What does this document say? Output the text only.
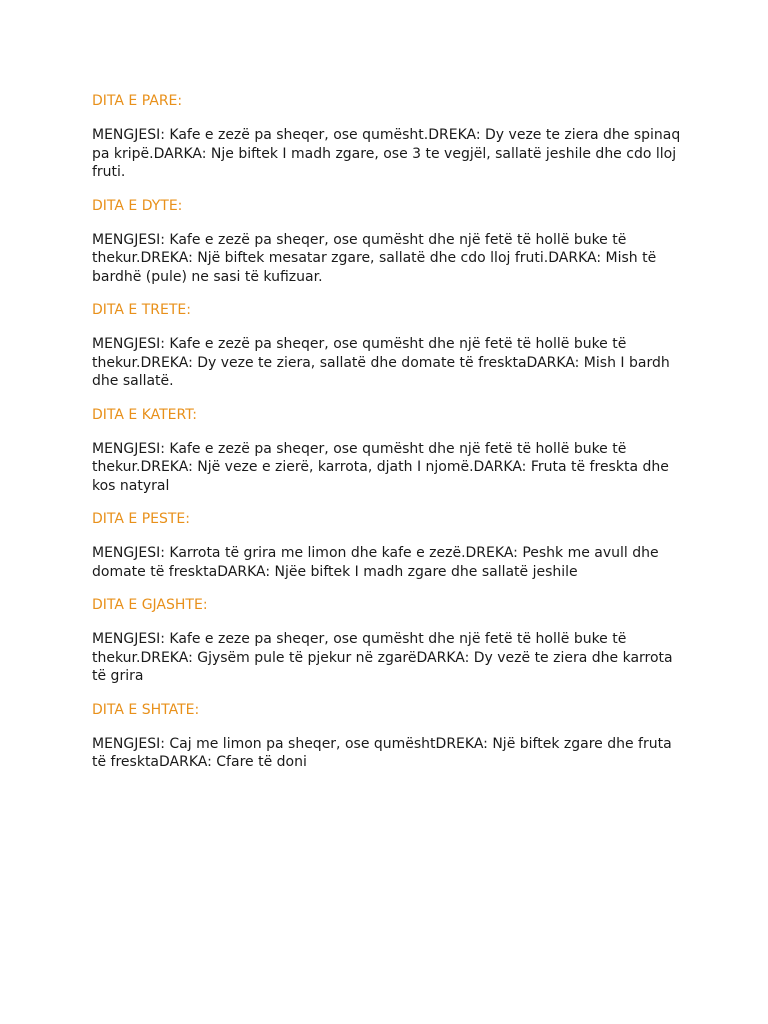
DITA E PARE:

MENGJESI: Kafe e zezë pa sheqer, ose qumësht.DREKA: Dy veze te ziera dhe spinaq pa kripë.DARKA: Nje biftek I madh zgare, ose 3 te vegjël, sallatë jeshile dhe cdo lloj fruti.

DITA E DYTE:

MENGJESI: Kafe e zezë pa sheqer, ose qumësht dhe një fetë të hollë buke të thekur.DREKA: Një biftek mesatar zgare, sallatë dhe cdo lloj fruti.DARKA: Mish të bardhë (pule) ne sasi të kufizuar.

DITA E TRETE:

MENGJESI: Kafe e zezë pa sheqer, ose qumësht dhe një fetë të hollë buke të thekur.DREKA: Dy veze te ziera, sallatë dhe domate të fresktaDARKA: Mish I bardh dhe sallatë.

DITA E KATERT:

MENGJESI: Kafe e zezë pa sheqer, ose qumësht dhe një fetë të hollë buke të thekur.DREKA: Një veze e zierë, karrota, djath I njomë.DARKA: Fruta të freskta dhe kos natyral

DITA E PESTE:

MENGJESI: Karrota të grira me limon dhe kafe e zezë.DREKA: Peshk me avull dhe domate të fresktaDARKA: Njëe biftek I madh zgare dhe sallatë jeshile

DITA E GJASHTE:

MENGJESI: Kafe e zeze pa sheqer, ose qumësht dhe një fetë të hollë buke të thekur.DREKA: Gjysëm pule të pjekur në zgarëDARKA: Dy vezë te ziera dhe karrota të grira

DITA E SHTATE:

MENGJESI: Caj me limon pa sheqer, ose qumështDREKA: Një biftek zgare dhe fruta të fresktaDARKA: Cfare të doni
